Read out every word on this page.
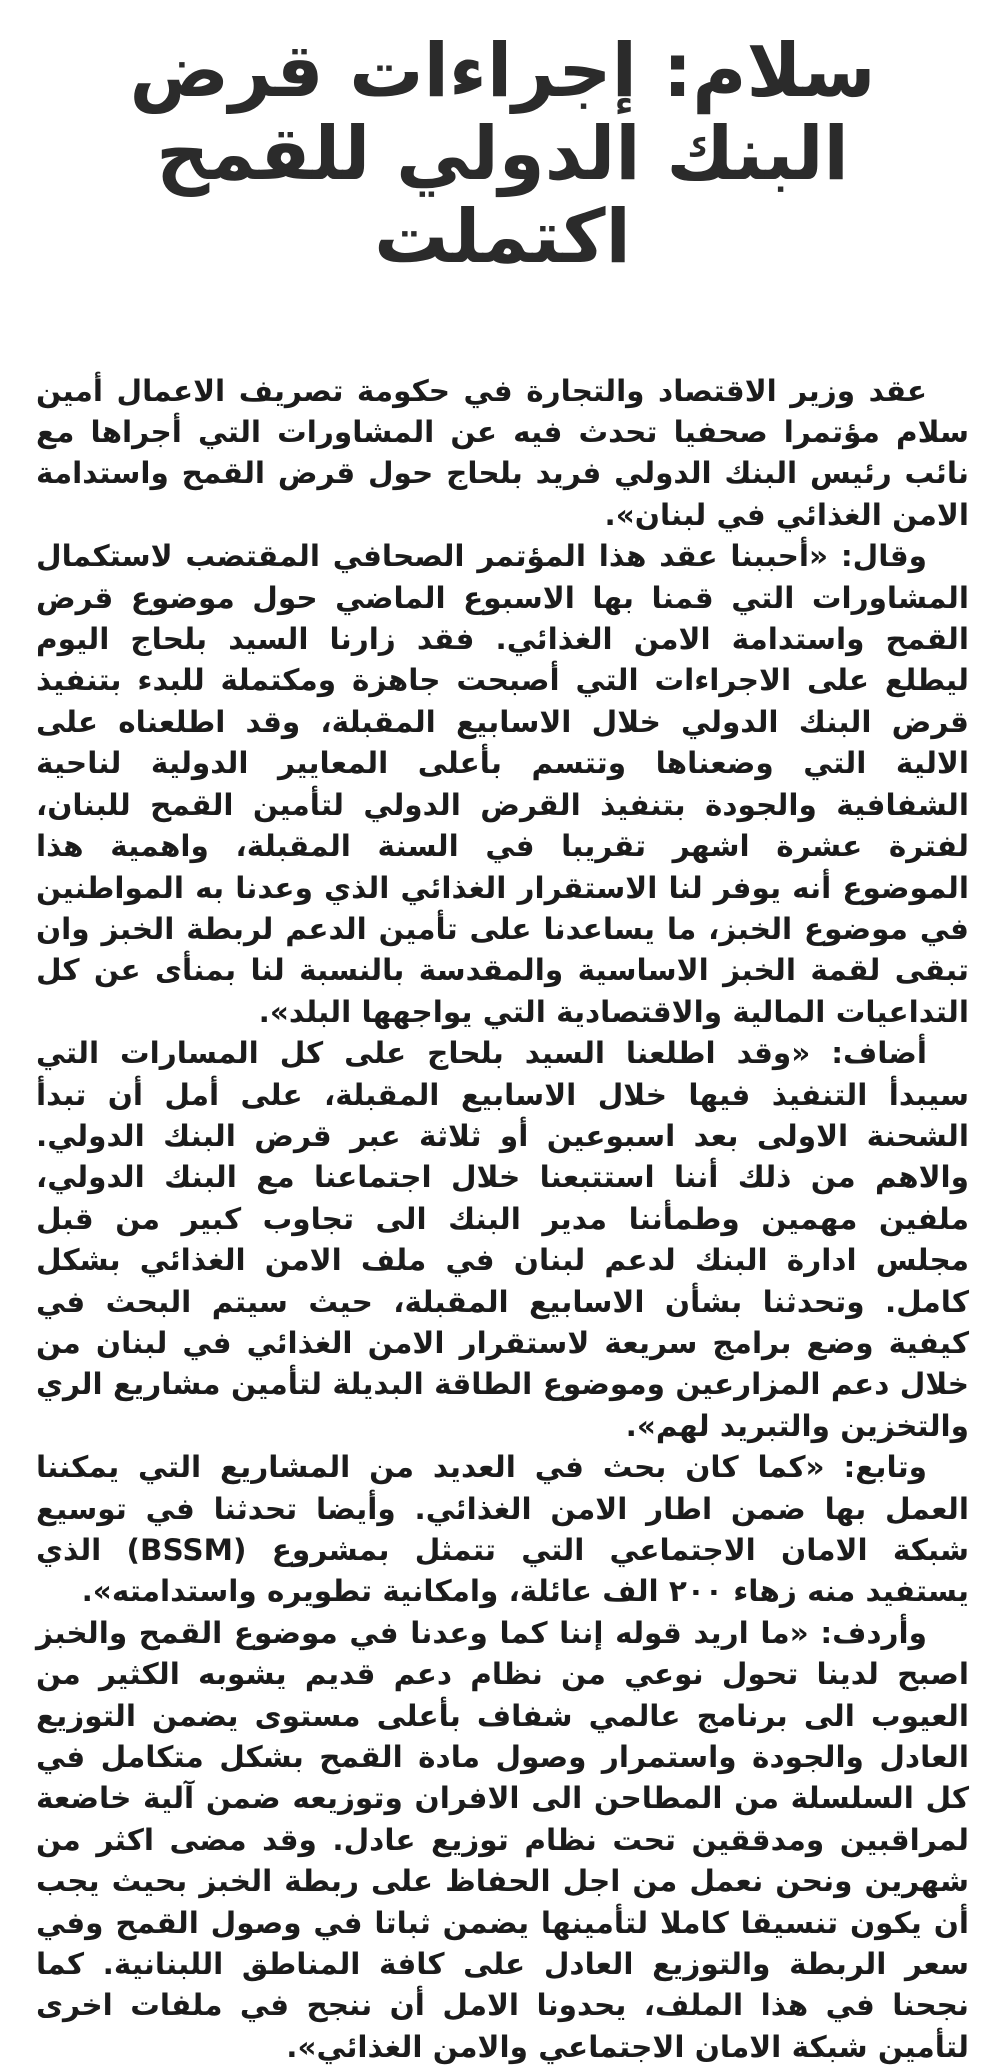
سلام: إجراءات قرض
البنك الدولي للقمح اكتملت

عقد وزير الاقتصاد والتجارة في حكومة تصريف الاعمال أمين سلام مؤتمرا صحفيا تحدث فيه عن المشاورات التي أجراها مع نائب رئيس البنك الدولي فريد بلحاج حول قرض القمح واستدامة الامن الغذائي في لبنان».

وقال: «أحببنا عقد هذا المؤتمر الصحافي المقتضب لاستكمال المشاورات التي قمنا بها الاسبوع الماضي حول موضوع قرض القمح واستدامة الامن الغذائي. فقد زارنا السيد بلحاج اليوم ليطلع على الاجراءات التي أصبحت جاهزة ومكتملة للبدء بتنفيذ قرض البنك الدولي خلال الاسابيع المقبلة، وقد اطلعناه على الالية التي وضعناها وتتسم بأعلى المعايير الدولية لناحية الشفافية والجودة بتنفيذ القرض الدولي لتأمين القمح للبنان، لفترة عشرة اشهر تقريبا في السنة المقبلة، واهمية هذا الموضوع أنه يوفر لنا الاستقرار الغذائي الذي وعدنا به المواطنين في موضوع الخبز، ما يساعدنا على تأمين الدعم لربطة الخبز وان تبقى لقمة الخبز الاساسية والمقدسة بالنسبة لنا بمنأى عن كل التداعيات المالية والاقتصادية التي يواجهها البلد».

أضاف: «وقد اطلعنا السيد بلحاج على كل المسارات التي سيبدأ التنفيذ فيها خلال الاسابيع المقبلة، على أمل أن تبدأ الشحنة الاولى بعد اسبوعين أو ثلاثة عبر قرض البنك الدولي. والاهم من ذلك أننا استتبعنا خلال اجتماعنا مع البنك الدولي، ملفين مهمين وطمأننا مدير البنك الى تجاوب كبير من قبل مجلس ادارة البنك لدعم لبنان في ملف الامن الغذائي بشكل كامل. وتحدثنا بشأن الاسابيع المقبلة، حيث سيتم البحث في كيفية وضع برامج سريعة لاستقرار الامن الغذائي في لبنان من خلال دعم المزارعين وموضوع الطاقة البديلة لتأمين مشاريع الري والتخزين والتبريد لهم».

وتابع: «كما كان بحث في العديد من المشاريع التي يمكننا العمل بها ضمن اطار الامن الغذائي. وأيضا تحدثنا في توسيع شبكة الامان الاجتماعي التي تتمثل بمشروع (BSSM) الذي يستفيد منه زهاء ٢٠٠ الف عائلة، وامكانية تطويره واستدامته».

وأردف: «ما اريد قوله إننا كما وعدنا في موضوع القمح والخبز اصبح لدينا تحول نوعي من نظام دعم قديم يشوبه الكثير من العيوب الى برنامج عالمي شفاف بأعلى مستوى يضمن التوزيع العادل والجودة واستمرار وصول مادة القمح بشكل متكامل في كل السلسلة من المطاحن الى الافران وتوزيعه ضمن آلية خاضعة لمراقبين ومدققين تحت نظام توزيع عادل. وقد مضى اكثر من شهرين ونحن نعمل من اجل الحفاظ على ربطة الخبز بحيث يجب أن يكون تنسيقا كاملا لتأمينها يضمن ثباتا في وصول القمح وفي سعر الربطة والتوزيع العادل على كافة المناطق اللبنانية. كما نجحنا في هذا الملف، يحدونا الامل أن ننجح في ملفات اخرى لتأمين شبكة الامان الاجتماعي والامن الغذائي».
